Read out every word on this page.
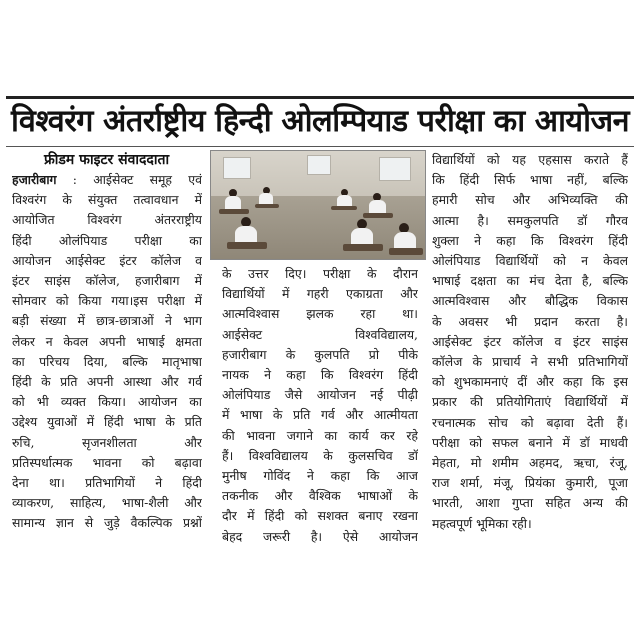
विश्वरंग अंतर्राष्ट्रीय हिन्दी ओलम्पियाड परीक्षा का आयोजन
फ्रीडम फाइटर संवाददाता
हजारीबाग : आईसेक्ट समूह एवं
विश्वरंग के संयुक्त तत्वावधान में
आयोजित विश्वरंग अंतरराष्ट्रीय
हिंदी ओलंपियाड परीक्षा का
आयोजन आईसेक्ट इंटर कॉलेज व
इंटर साइंस कॉलेज, हजारीबाग में
सोमवार को किया गया।इस परीक्षा में
बड़ी संख्या में छात्र-छात्राओं ने भाग
लेकर न केवल अपनी भाषाई क्षमता
का परिचय दिया, बल्कि मातृभाषा
हिंदी के प्रति अपनी आस्था और गर्व
को भी व्यक्त किया। आयोजन का
उद्देश्य युवाओं में हिंदी भाषा के प्रति
रुचि, सृजनशीलता और
प्रतिस्पर्धात्मक भावना को बढ़ावा
देना था। प्रतिभागियों ने हिंदी
व्याकरण, साहित्य, भाषा-शैली और
सामान्य ज्ञान से जुड़े वैकल्पिक प्रश्नों
के उत्तर दिए। परीक्षा के दौरान
विद्यार्थियों में गहरी एकाग्रता और
आत्मविश्वास झलक रहा था।
आईसेक्ट विश्वविद्यालय,
हजारीबाग के कुलपति प्रो पीके
नायक ने कहा कि विश्वरंग हिंदी
ओलंपियाड जैसे आयोजन नई पीढ़ी
में भाषा के प्रति गर्व और आत्मीयता
की भावना जगाने का कार्य कर रहे
हैं। विश्वविद्यालय के कुलसचिव डॉ
मुनीष गोविंद ने कहा कि आज
तकनीक और वैश्विक भाषाओं के
दौर में हिंदी को सशक्त बनाए रखना
बेहद जरूरी है। ऐसे आयोजन
विद्यार्थियों को यह एहसास कराते हैं
कि हिंदी सिर्फ भाषा नहीं, बल्कि
हमारी सोच और अभिव्यक्ति की
आत्मा है। समकुलपति डॉ गौरव
शुक्ला ने कहा कि विश्वरंग हिंदी
ओलंपियाड विद्यार्थियों को न केवल
भाषाई दक्षता का मंच देता है, बल्कि
आत्मविश्वास और बौद्धिक विकास
के अवसर भी प्रदान करता है।
आईसेक्ट इंटर कॉलेज व इंटर साइंस
कॉलेज के प्राचार्य ने सभी प्रतिभागियों
को शुभकामनाएं दीं और कहा कि इस
प्रकार की प्रतियोगिताएं विद्यार्थियों में
रचनात्मक सोच को बढ़ावा देती हैं।
परीक्षा को सफल बनाने में डॉ माधवी
मेहता, मो शमीम अहमद, ऋचा, रंजू,
राज शर्मा, मंजू, प्रियंका कुमारी, पूजा
भारती, आशा गुप्ता सहित अन्य की
महत्वपूर्ण भूमिका रही।
